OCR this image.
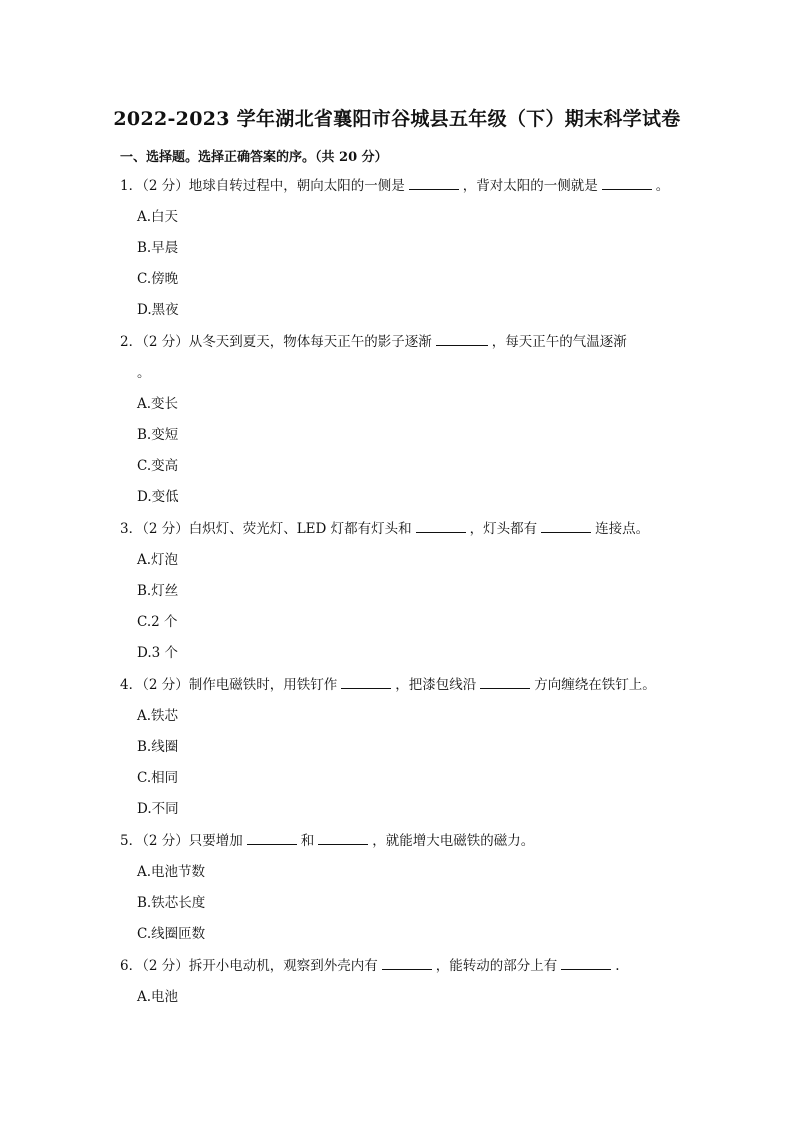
2022-2023 学年湖北省襄阳市谷城县五年级（下）期末科学试卷
一、选择题。选择正确答案的序。（共 20 分）
1．（2 分）地球自转过程中，朝向太阳的一侧是	，背对太阳的一侧就是	。
A.白天
B.早晨
C.傍晚
D.黑夜
2．（2 分）从冬天到夏天，物体每天正午的影子逐渐	，每天正午的气温逐渐
。
A.变长
B.变短
C.变高
D.变低
3．（2 分）白炽灯、荧光灯、LED 灯都有灯头和	，灯头都有	连接点。
A.灯泡
B.灯丝
C.2 个
D.3 个
4．（2 分）制作电磁铁时，用铁钉作	，把漆包线沿	方向缠绕在铁钉上。
A.铁芯
B.线圈
C.相同
D.不同
5．（2 分）只要增加	和	，就能增大电磁铁的磁力。
A.电池节数
B.铁芯长度
C.线圈匝数
6．（2 分）拆开小电动机，观察到外壳内有	，能转动的部分上有	.
A.电池
